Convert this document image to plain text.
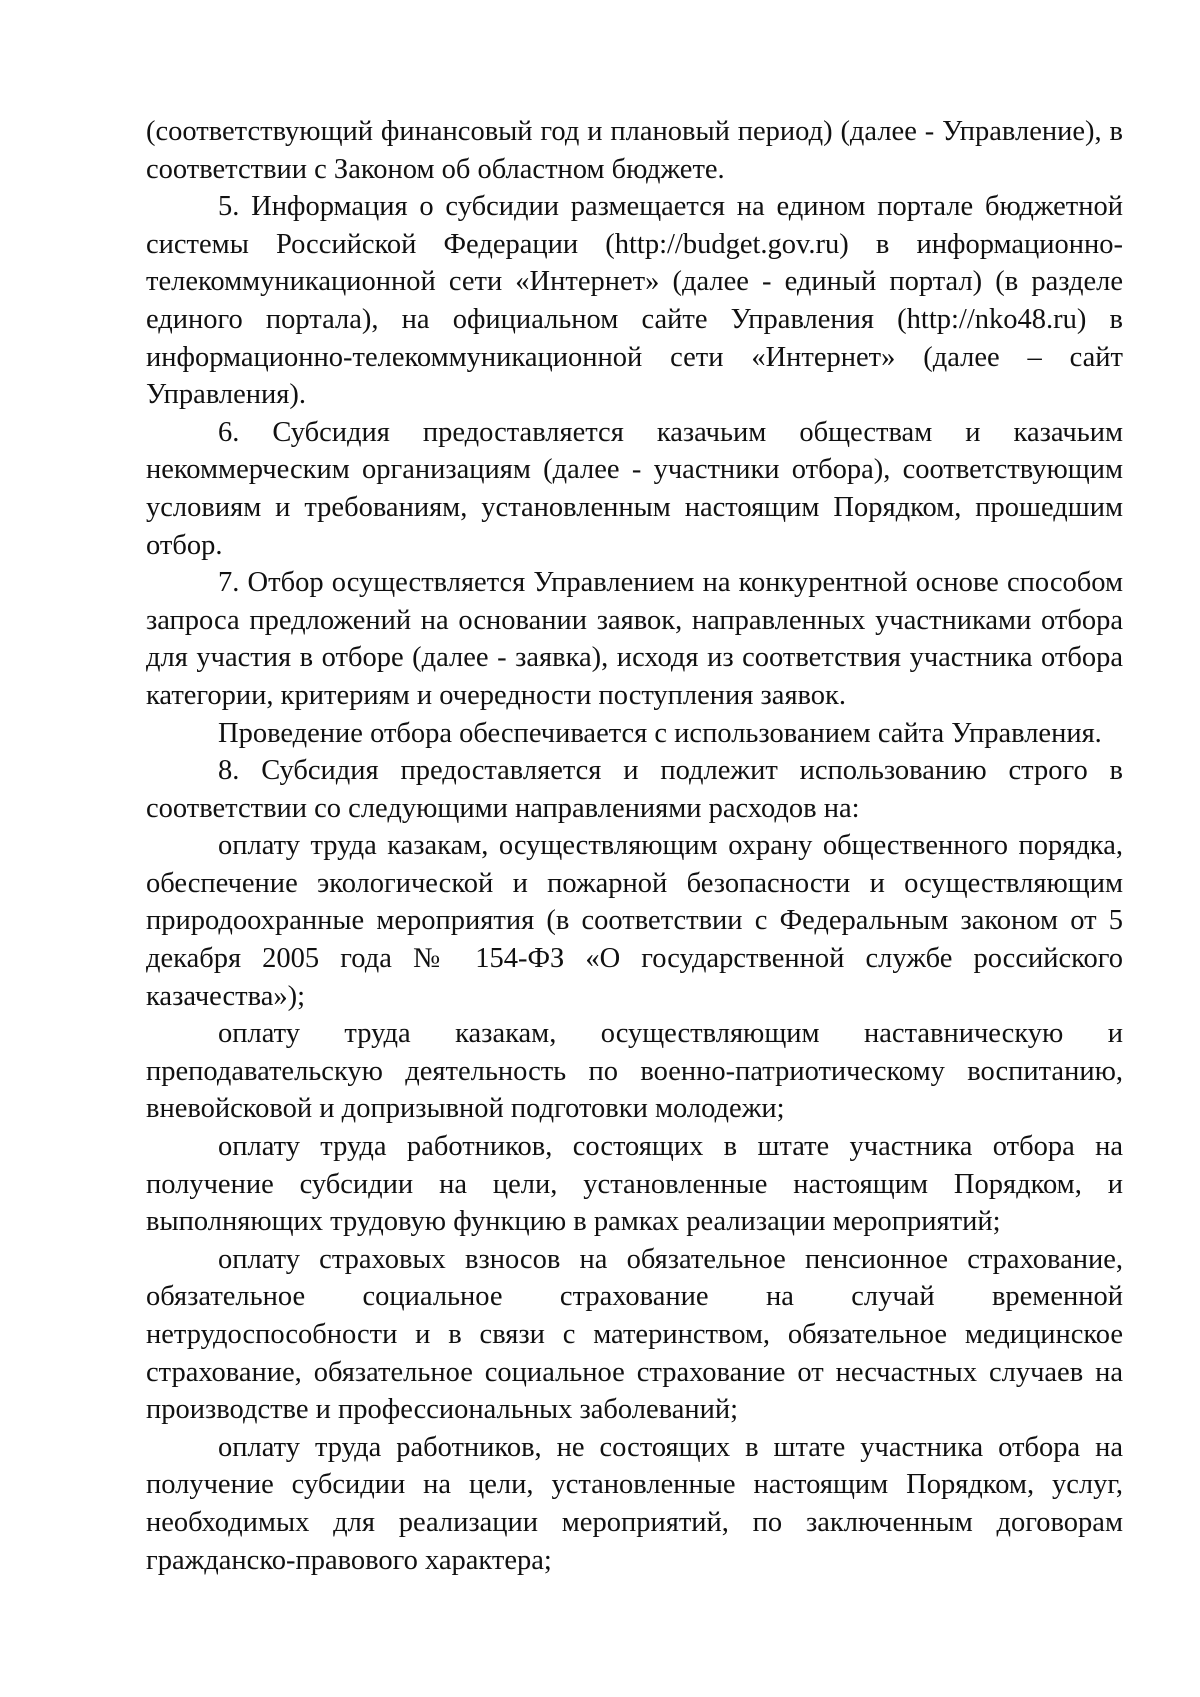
(соответствующий финансовый год и плановый период) (далее - Управление), в соответствии с Законом об областном бюджете.

5. Информация о субсидии размещается на едином портале бюджетной системы Российской Федерации (http://budget.gov.ru) в информационно-телекоммуникационной сети «Интернет» (далее - единый портал) (в разделе единого портала), на официальном сайте Управления (http://nko48.ru) в информационно-телекоммуникационной сети «Интернет» (далее – сайт Управления).

6. Субсидия предоставляется казачьим обществам и казачьим некоммерческим организациям (далее - участники отбора), соответствующим условиям и требованиям, установленным настоящим Порядком, прошедшим отбор.

7. Отбор осуществляется Управлением на конкурентной основе способом запроса предложений на основании заявок, направленных участниками отбора для участия в отборе (далее - заявка), исходя из соответствия участника отбора категории, критериям и очередности поступления заявок.

Проведение отбора обеспечивается с использованием сайта Управления.

8. Субсидия предоставляется и подлежит использованию строго в соответствии со следующими направлениями расходов на:

оплату труда казакам, осуществляющим охрану общественного порядка, обеспечение экологической и пожарной безопасности и осуществляющим природоохранные мероприятия (в соответствии с Федеральным законом от 5 декабря 2005 года № 154-ФЗ «О государственной службе российского казачества»);

оплату труда казакам, осуществляющим наставническую и преподавательскую деятельность по военно-патриотическому воспитанию, вневойсковой и допризывной подготовки молодежи;

оплату труда работников, состоящих в штате участника отбора на получение субсидии на цели, установленные настоящим Порядком, и выполняющих трудовую функцию в рамках реализации мероприятий;

оплату страховых взносов на обязательное пенсионное страхование, обязательное социальное страхование на случай временной нетрудоспособности и в связи с материнством, обязательное медицинское страхование, обязательное социальное страхование от несчастных случаев на производстве и профессиональных заболеваний;

оплату труда работников, не состоящих в штате участника отбора на получение субсидии на цели, установленные настоящим Порядком, услуг, необходимых для реализации мероприятий, по заключенным договорам гражданско-правового характера;
